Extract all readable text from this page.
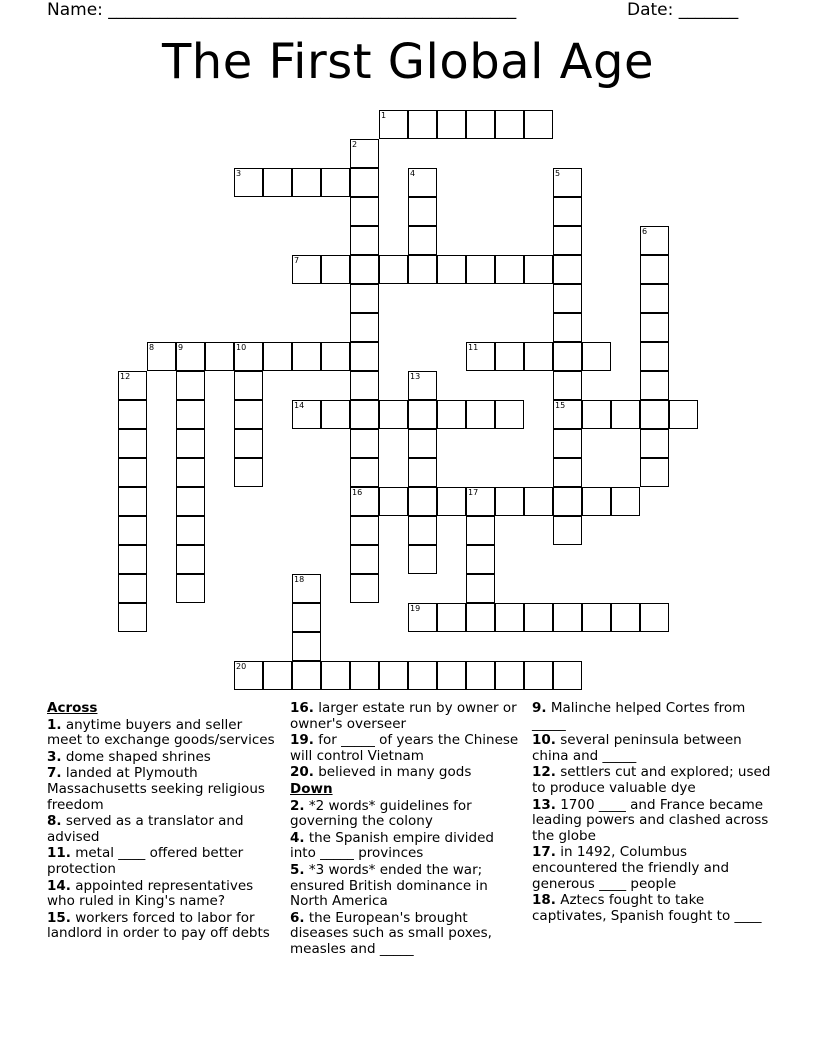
Name: ________________________________________________	Date: _______
The First Global Age
1
2
16
3	4	5
15
6
7
8	9	10	11
12	13
14
17
18
19
20
Across
1. anytime buyers and seller meet to exchange goods/services
3. dome shaped shrines
7. landed at Plymouth Massachusetts seeking religious freedom
8. served as a translator and advised
11. metal ____ offered better protection
14. appointed representatives who ruled in King's name?
15. workers forced to labor for landlord in order to pay off debts
16. larger estate run by owner or owner's overseer
19. for _____ of years the Chinese will control Vietnam
20. believed in many gods
Down
2. *2 words* guidelines for governing the colony
4. the Spanish empire divided into _____ provinces
5. *3 words* ended the war; ensured British dominance in North America
6. the European's brought diseases such as small poxes, measles and _____
9. Malinche helped Cortes from _____
10. several peninsula between china and _____
12. settlers cut and explored; used to produce valuable dye
13. 1700 ____ and France became leading powers and clashed across the globe
17. in 1492, Columbus encountered the friendly and generous ____ people
18. Aztecs fought to take captivates, Spanish fought to ____
